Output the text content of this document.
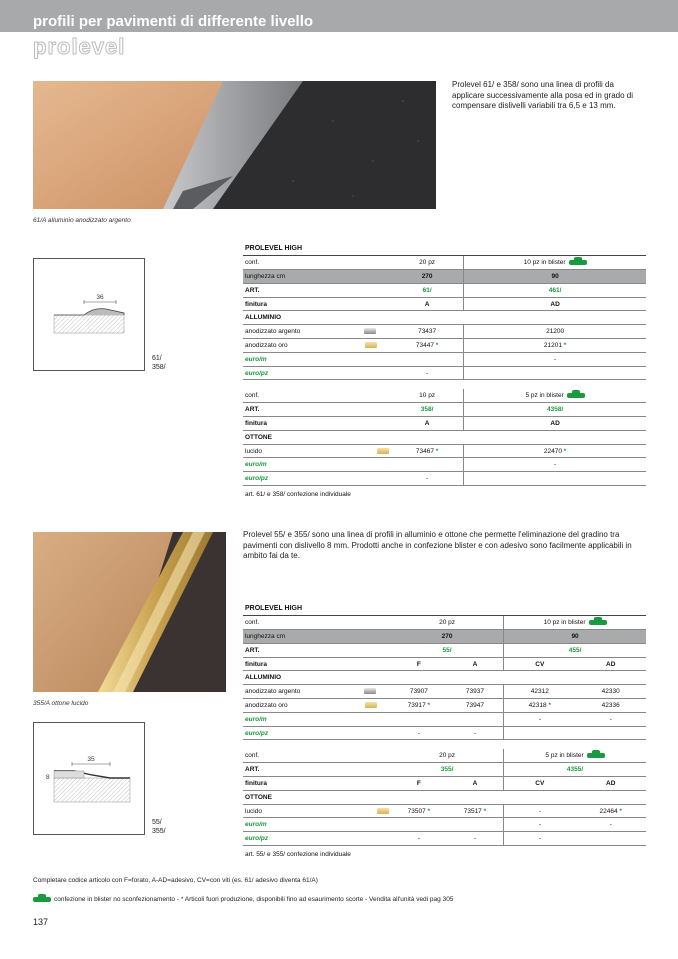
profili per pavimenti di differente livello
prolevel
61/A alluminio anodizzato argento
Prolevel 61/ e 358/ sono una linea di profili da applicare successivamente alla posa ed in grado di compensare dislivelli variabili tra 6,5 e 13 mm.
36
61/
358/
PROLEVEL HIGH		
conf.	20 pz	10 pz in blister
lunghezza cm	270	90
ART.	61/	461/
finitura	A	AD
ALLUMINIO		
anodizzato argento	73437	21200
anodizzato oro	73447 *	21201 *
euro/m		-
euro/pz	-	

conf.	10 pz	5 pz in blister
ART.	358/	4358/
finitura	A	AD
OTTONE		
lucido	73467 *	22470 *
euro/m		-
euro/pz	-	
art. 61/ e 358/ confezione individuale		
355/A ottone lucido
Prolevel 55/ e 355/ sono una linea di profili in alluminio e ottone che permette l'eliminazione del gradino tra pavimenti con dislivello 8 mm. Prodotti anche in confezione blister e con adesivo sono facilmente applicabili in ambito fai da te.
35
8
55/
355/
PROLEVEL HIGH				
conf.	20 pz		10 pz in blister	
lunghezza cm	270		90	
ART.	55/		455/	
finitura	F	A	CV	AD
ALLUMINIO				
anodizzato argento	73907	73937	42312	42330
anodizzato oro	73917 *	73947	42318 *	42336
euro/m			-	-
euro/pz	-	-		

conf.	20 pz		5 pz in blister	
ART.	355/		4355/	
finitura	F	A	CV	AD
OTTONE				
lucido	73507 *	73517 *	-	22464 *
euro/m			-	-
euro/pz	-	-	-	
art. 55/ e 355/ confezione individuale				
Completare codice articolo con F=forato, A-AD=adesivo, CV=con viti (es. 61/ adesivo diventa 61/A)
confezione in blister no sconfezionamento - * Articoli fuori produzione, disponibili fino ad esaurimento scorte - Vendita all'unità vedi pag 305
137
